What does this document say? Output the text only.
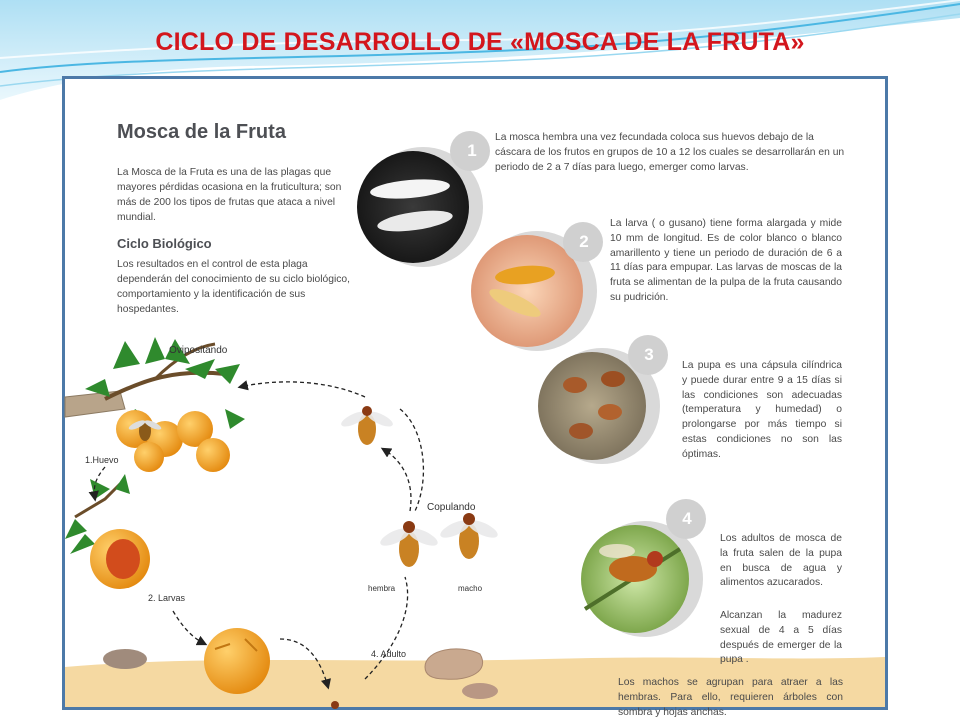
CICLO DE DESARROLLO DE «MOSCA DE LA FRUTA»
Mosca de la Fruta
La Mosca de la Fruta es una de las plagas que mayores pérdidas ocasiona en la fruticultura; son más de 200 los tipos de frutas que ataca a nivel mundial.
Ciclo Biológico
Los resultados en el control de esta plaga dependerán del conocimiento de su ciclo biológico, comportamiento y la identificación de sus hospedantes.
1
2
3
4
La mosca hembra una vez fecundada coloca sus huevos debajo de la cáscara de los frutos en grupos de 10 a 12 los cuales se desarrollarán en un periodo de 2 a 7 días para luego, emerger como larvas.
La larva ( o gusano) tiene forma alargada y mide 10 mm de longitud. Es de color blanco o blanco amarillento y tiene un periodo de duración de 6 a 11 días para empupar. Las larvas de moscas de la fruta se alimentan de la pulpa de la fruta causando su pudrición.
La pupa es una cápsula cilíndrica y puede durar entre 9 a 15 días si las condiciones son adecuadas (temperatura y humedad) o prolongarse por más tiempo si estas condiciones no son las óptimas.
Los adultos de mosca de la fruta salen de la pupa en busca de agua y alimentos azucarados.
Alcanzan la madurez sexual de 4 a 5 días después de emerger de la pupa .
Los machos se agrupan para atraer a las hembras. Para ello, requieren árboles con sombra y hojas anchas.
Ovipositando
1.Huevo
2. Larvas
4. Adulto
Copulando
hembra	macho
